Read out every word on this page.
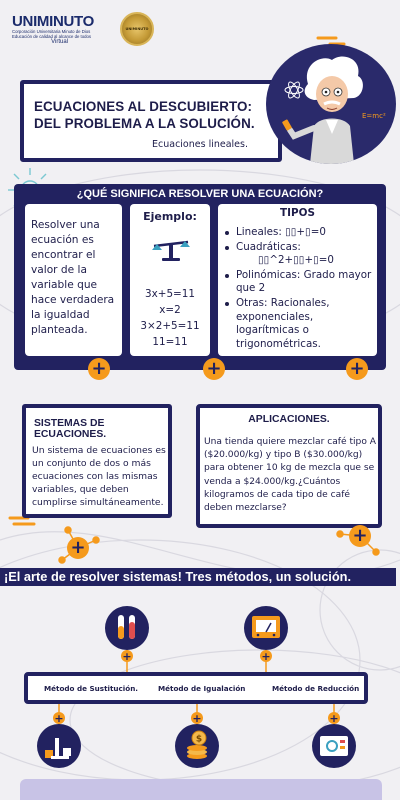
UNIMINUTO
Corporación Universitaria Minuto de Dios
Educación de calidad al alcance de todos
Virtual
UNIMINUTO
ECUACIONES AL DESCUBIERTO:
DEL PROBLEMA A LA SOLUCIÓN.
Ecuaciones lineales.
E=mc²
¿QUÉ SIGNIFICA RESOLVER UNA ECUACIÓN?
Resolver una ecuación es encontrar el valor de la variable que hace verdadera la igualdad planteada.
Ejemplo:
3x+5=11
x=2
3×2+5=11
11=11
TIPOS
Lineales: ▯▯+▯=0
Cuadráticas:
▯▯^2+▯▯+▯=0
Polinómicas: Grado mayor que 2
Otras: Racionales, exponenciales, logarítmicas o trigonométricas.
+	+	+
SISTEMAS DE ECUACIONES.
Un sistema de ecuaciones es un conjunto de dos o más ecuaciones con las mismas variables, que deben cumplirse simultáneamente.
APLICACIONES.
Una tienda quiere mezclar café tipo A ($20.000/kg) y tipo B ($30.000/kg) para obtener 10 kg de mezcla que se venda a $24.000/kg.¿Cuántos kilogramos de cada tipo de café deben mezclarse?
+
+
¡El arte de resolver sistemas! Tres métodos, un solución.
+	+
Método de Sustitución.	Método de Igualación	Método de Reducción
+	+	+
$
